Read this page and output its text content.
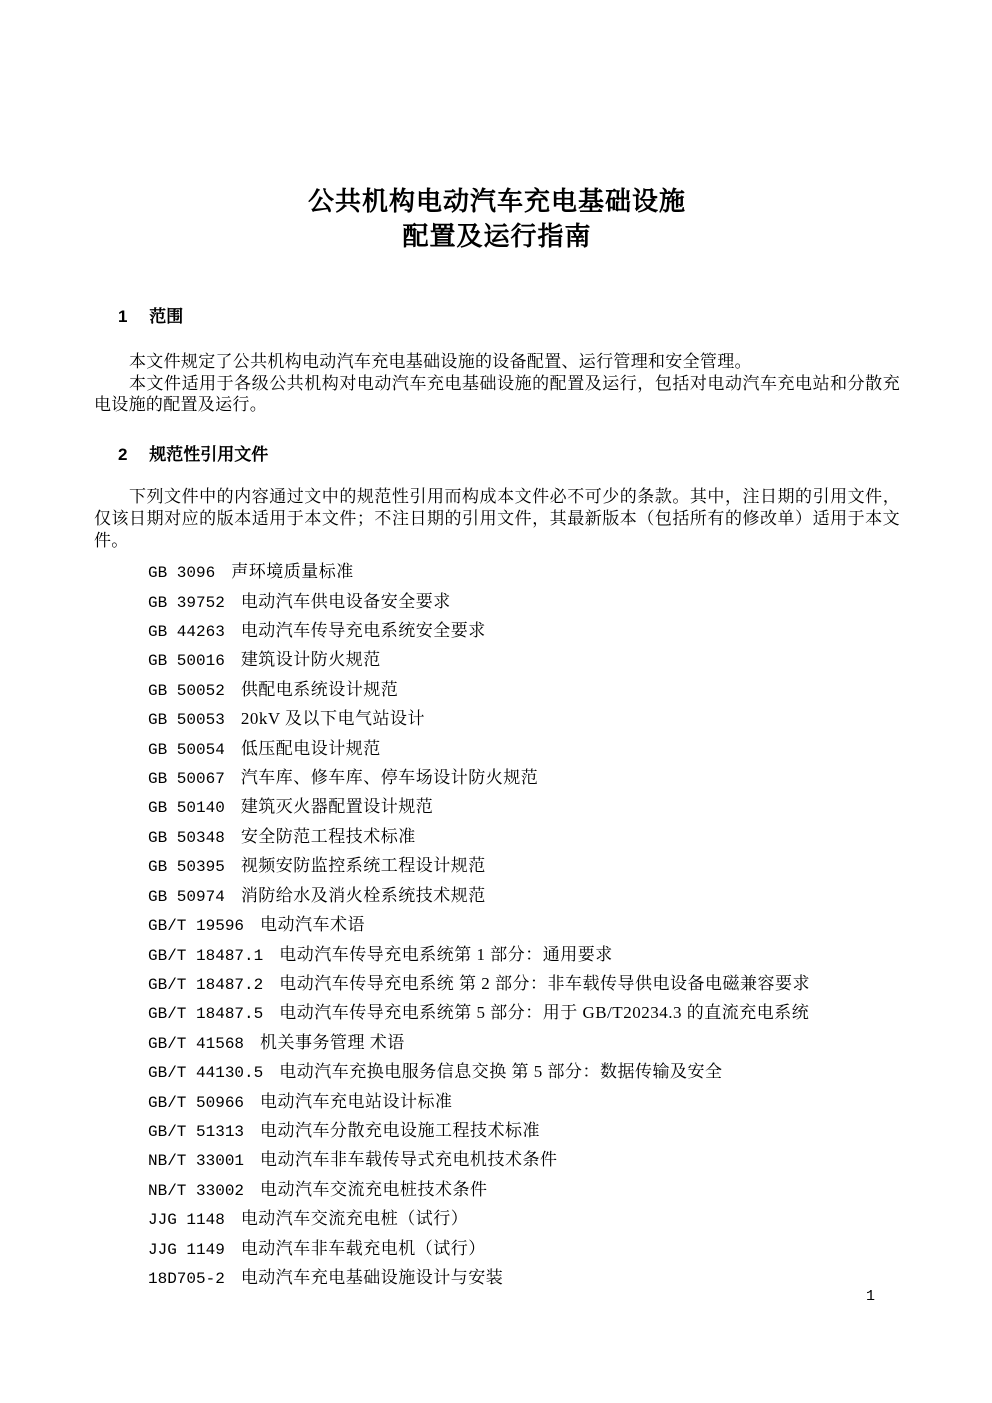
公共机构电动汽车充电基础设施
配置及运行指南
1 范围

本文件规定了公共机构电动汽车充电基础设施的设备配置、运行管理和安全管理。

本文件适用于各级公共机构对电动汽车充电基础设施的配置及运行，包括对电动汽车充电站和分散充电设施的配置及运行。

2 规范性引用文件

下列文件中的内容通过文中的规范性引用而构成本文件必不可少的条款。其中，注日期的引用文件，仅该日期对应的版本适用于本文件；不注日期的引用文件，其最新版本（包括所有的修改单）适用于本文件。

GB 3096 声环境质量标准
GB 39752 电动汽车供电设备安全要求
GB 44263 电动汽车传导充电系统安全要求
GB 50016 建筑设计防火规范
GB 50052 供配电系统设计规范
GB 50053 20kV 及以下电气站设计
GB 50054 低压配电设计规范
GB 50067 汽车库、修车库、停车场设计防火规范
GB 50140 建筑灭火器配置设计规范
GB 50348 安全防范工程技术标准
GB 50395 视频安防监控系统工程设计规范
GB 50974 消防给水及消火栓系统技术规范
GB/T 19596 电动汽车术语
GB/T 18487.1 电动汽车传导充电系统第 1 部分：通用要求
GB/T 18487.2 电动汽车传导充电系统 第 2 部分：非车载传导供电设备电磁兼容要求
GB/T 18487.5 电动汽车传导充电系统第 5 部分：用于 GB/T20234.3 的直流充电系统
GB/T 41568 机关事务管理 术语
GB/T 44130.5 电动汽车充换电服务信息交换 第 5 部分：数据传输及安全
GB/T 50966 电动汽车充电站设计标准
GB/T 51313 电动汽车分散充电设施工程技术标准
NB/T 33001 电动汽车非车载传导式充电机技术条件
NB/T 33002 电动汽车交流充电桩技术条件
JJG 1148 电动汽车交流充电桩（试行）
JJG 1149 电动汽车非车载充电机（试行）
18D705-2 电动汽车充电基础设施设计与安装
1
